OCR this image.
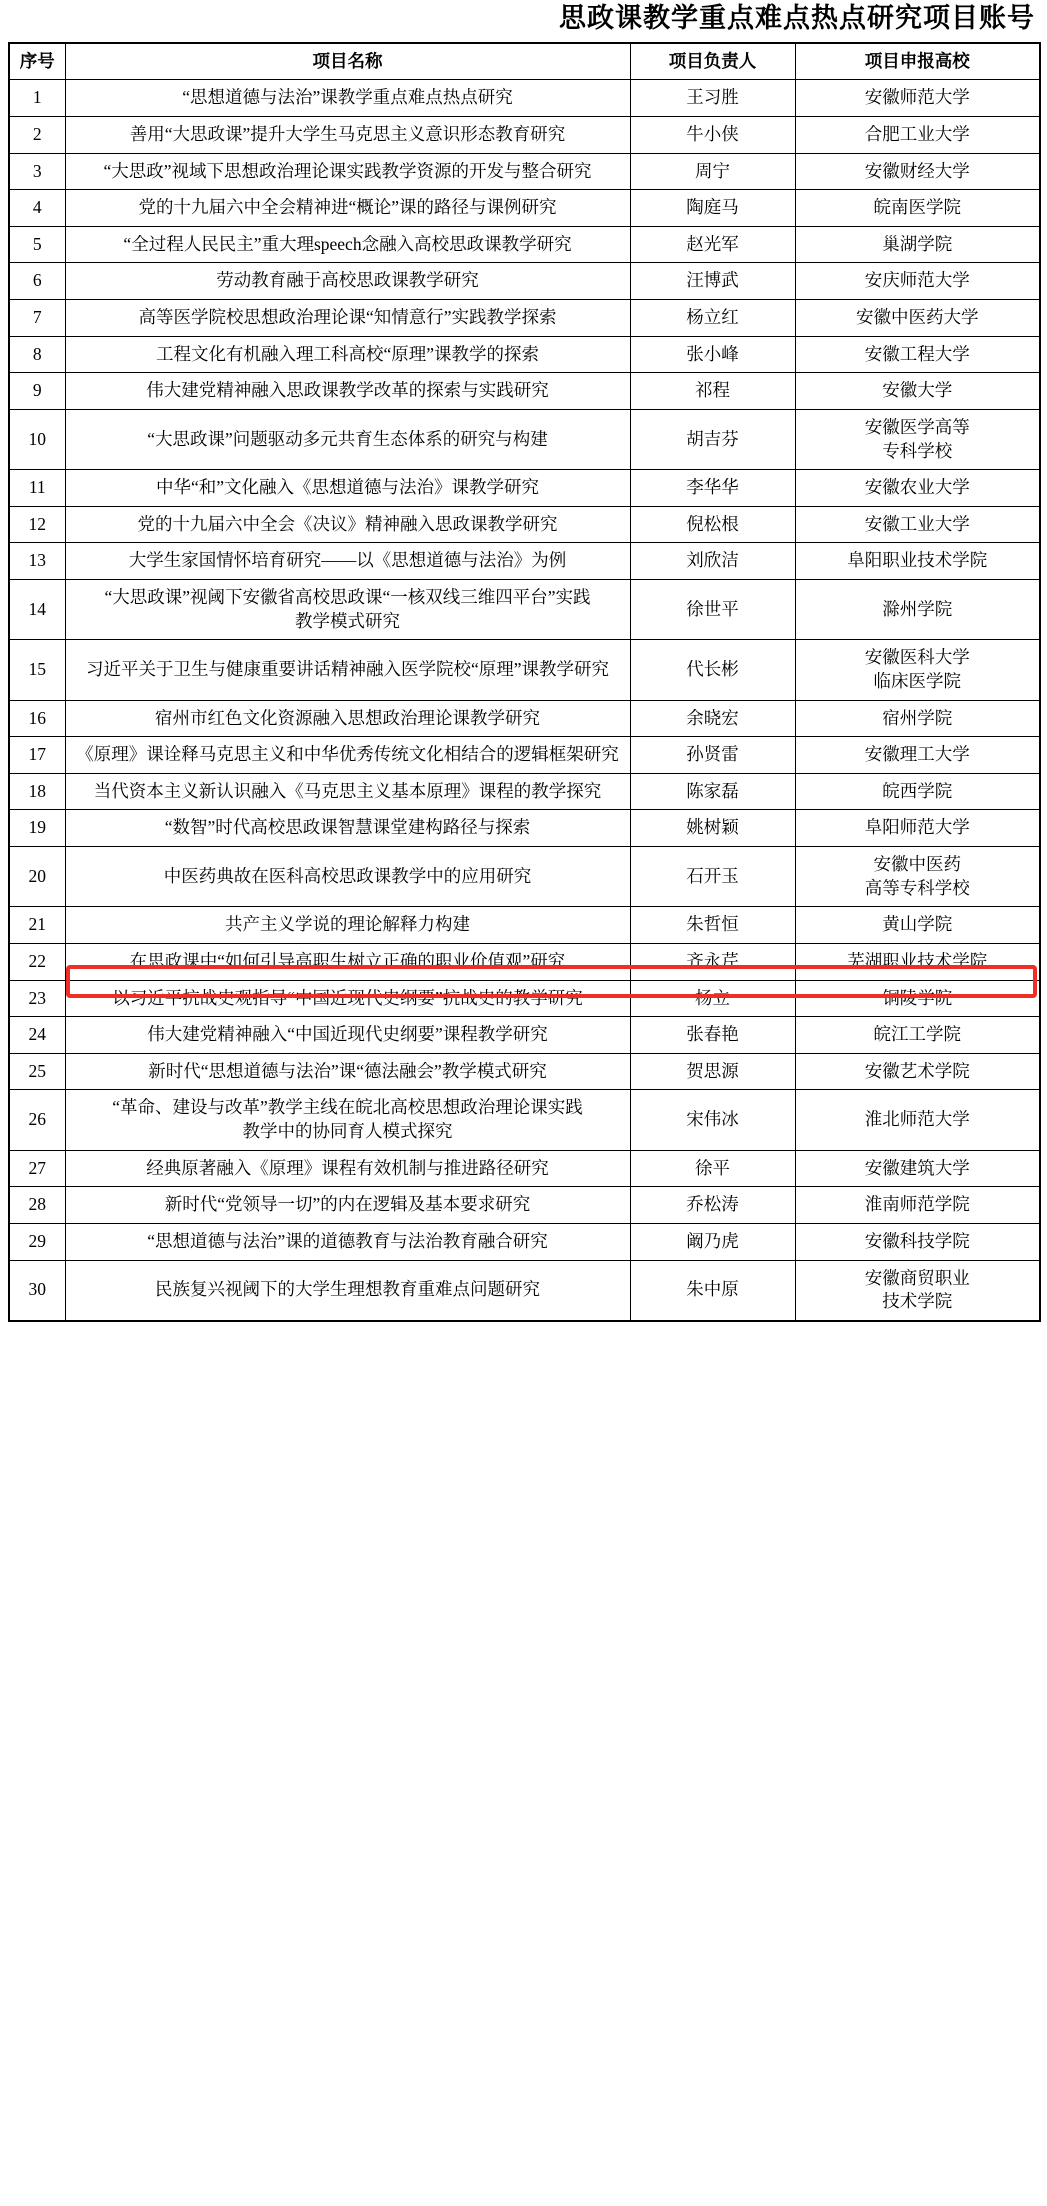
思政课教学重点难点热点研究项目账号
序号	项目名称	项目负责人	项目申报高校
1	“思想道德与法治”课教学重点难点热点研究	王习胜	安徽师范大学
2	善用“大思政课”提升大学生马克思主义意识形态教育研究	牛小侠	合肥工业大学
3	“大思政”视域下思想政治理论课实践教学资源的开发与整合研究	周宁	安徽财经大学
4	党的十九届六中全会精神进“概论”课的路径与课例研究	陶庭马	皖南医学院
5	“全过程人民民主”重大理speech念融入高校思政课教学研究	赵光军	巢湖学院
6	劳动教育融于高校思政课教学研究	汪博武	安庆师范大学
7	高等医学院校思想政治理论课“知情意行”实践教学探索	杨立红	安徽中医药大学
8	工程文化有机融入理工科高校“原理”课教学的探索	张小峰	安徽工程大学
9	伟大建党精神融入思政课教学改革的探索与实践研究	祁程	安徽大学
10	“大思政课”问题驱动多元共育生态体系的研究与构建	胡吉芬	安徽医学高等
专科学校
11	中华“和”文化融入《思想道德与法治》课教学研究	李华华	安徽农业大学
12	党的十九届六中全会《决议》精神融入思政课教学研究	倪松根	安徽工业大学
13	大学生家国情怀培育研究——以《思想道德与法治》为例	刘欣洁	阜阳职业技术学院
14	“大思政课”视阈下安徽省高校思政课“一核双线三维四平台”实践
教学模式研究	徐世平	滁州学院
15	习近平关于卫生与健康重要讲话精神融入医学院校“原理”课教学研究	代长彬	安徽医科大学
临床医学院
16	宿州市红色文化资源融入思想政治理论课教学研究	余晓宏	宿州学院
17	《原理》课诠释马克思主义和中华优秀传统文化相结合的逻辑框架研究	孙贤雷	安徽理工大学
18	当代资本主义新认识融入《马克思主义基本原理》课程的教学探究	陈家磊	皖西学院
19	“数智”时代高校思政课智慧课堂建构路径与探索	姚树颖	阜阳师范大学
20	中医药典故在医科高校思政课教学中的应用研究	石开玉	安徽中医药
高等专科学校
21	共产主义学说的理论解释力构建	朱哲恒	黄山学院
22	在思政课中“如何引导高职生树立正确的职业价值观”研究	齐永芹	芜湖职业技术学院
23	以习近平抗战史观指导“中国近现代史纲要”抗战史的教学研究	杨立	铜陵学院
24	伟大建党精神融入“中国近现代史纲要”课程教学研究	张春艳	皖江工学院
25	新时代“思想道德与法治”课“德法融会”教学模式研究	贺思源	安徽艺术学院
26	“革命、建设与改革”教学主线在皖北高校思想政治理论课实践
教学中的协同育人模式探究	宋伟冰	淮北师范大学
27	经典原著融入《原理》课程有效机制与推进路径研究	徐平	安徽建筑大学
28	新时代“党领导一切”的内在逻辑及基本要求研究	乔松涛	淮南师范学院
29	“思想道德与法治”课的道德教育与法治教育融合研究	阚乃虎	安徽科技学院
30	民族复兴视阈下的大学生理想教育重难点问题研究	朱中原	安徽商贸职业
技术学院
